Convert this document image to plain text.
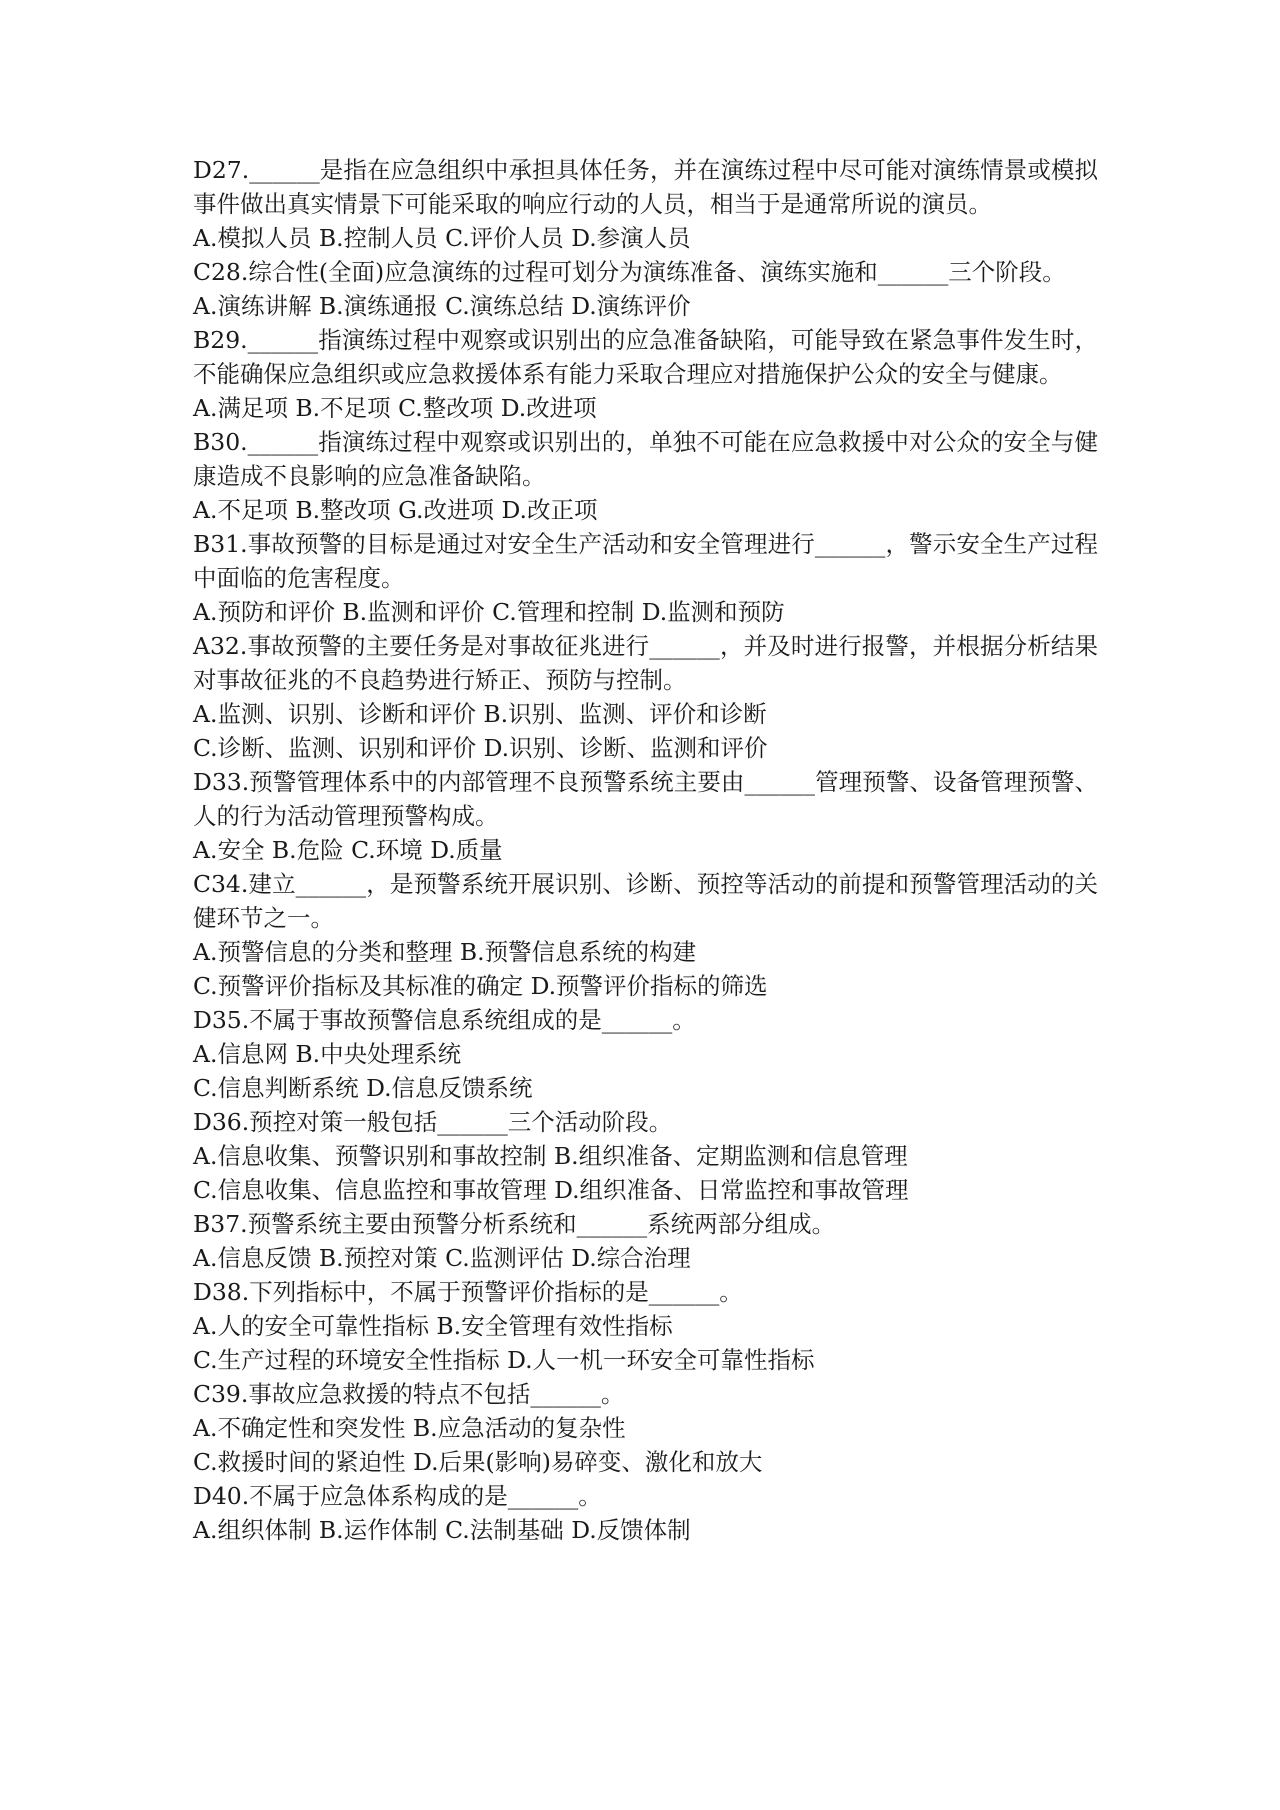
D27.______是指在应急组织中承担具体任务，并在演练过程中尽可能对演练情景或模拟事件做出真实情景下可能采取的响应行动的人员，相当于是通常所说的演员。

A.模拟人员 B.控制人员 C.评价人员 D.参演人员

C28.综合性(全面)应急演练的过程可划分为演练准备、演练实施和______三个阶段。

A.演练讲解 B.演练通报 C.演练总结 D.演练评价

B29.______指演练过程中观察或识别出的应急准备缺陷，可能导致在紧急事件发生时，不能确保应急组织或应急救援体系有能力采取合理应对措施保护公众的安全与健康。

A.满足项 B.不足项 C.整改项 D.改进项

B30.______指演练过程中观察或识别出的，单独不可能在应急救援中对公众的安全与健康造成不良影响的应急准备缺陷。

A.不足项 B.整改项 G.改进项 D.改正项

B31.事故预警的目标是通过对安全生产活动和安全管理进行______，警示安全生产过程中面临的危害程度。

A.预防和评价 B.监测和评价 C.管理和控制 D.监测和预防

A32.事故预警的主要任务是对事故征兆进行______，并及时进行报警，并根据分析结果对事故征兆的不良趋势进行矫正、预防与控制。

A.监测、识别、诊断和评价 B.识别、监测、评价和诊断

C.诊断、监测、识别和评价 D.识别、诊断、监测和评价

D33.预警管理体系中的内部管理不良预警系统主要由______管理预警、设备管理预警、人的行为活动管理预警构成。

A.安全 B.危险 C.环境 D.质量

C34.建立______，是预警系统开展识别、诊断、预控等活动的前提和预警管理活动的关健环节之一。

A.预警信息的分类和整理 B.预警信息系统的构建

C.预警评价指标及其标准的确定 D.预警评价指标的筛选

D35.不属于事故预警信息系统组成的是______。

A.信息网 B.中央处理系统

C.信息判断系统 D.信息反馈系统

D36.预控对策一般包括______三个活动阶段。

A.信息收集、预警识别和事故控制 B.组织准备、定期监测和信息管理

C.信息收集、信息监控和事故管理 D.组织准备、日常监控和事故管理

B37.预警系统主要由预警分析系统和______系统两部分组成。

A.信息反馈 B.预控对策 C.监测评估 D.综合治理

D38.下列指标中，不属于预警评价指标的是______。

A.人的安全可靠性指标 B.安全管理有效性指标

C.生产过程的环境安全性指标 D.人一机一环安全可靠性指标

C39.事故应急救援的特点不包括______。

A.不确定性和突发性 B.应急活动的复杂性

C.救援时间的紧迫性 D.后果(影响)易碎变、激化和放大

D40.不属于应急体系构成的是______。

A.组织体制 B.运作体制 C.法制基础 D.反馈体制
